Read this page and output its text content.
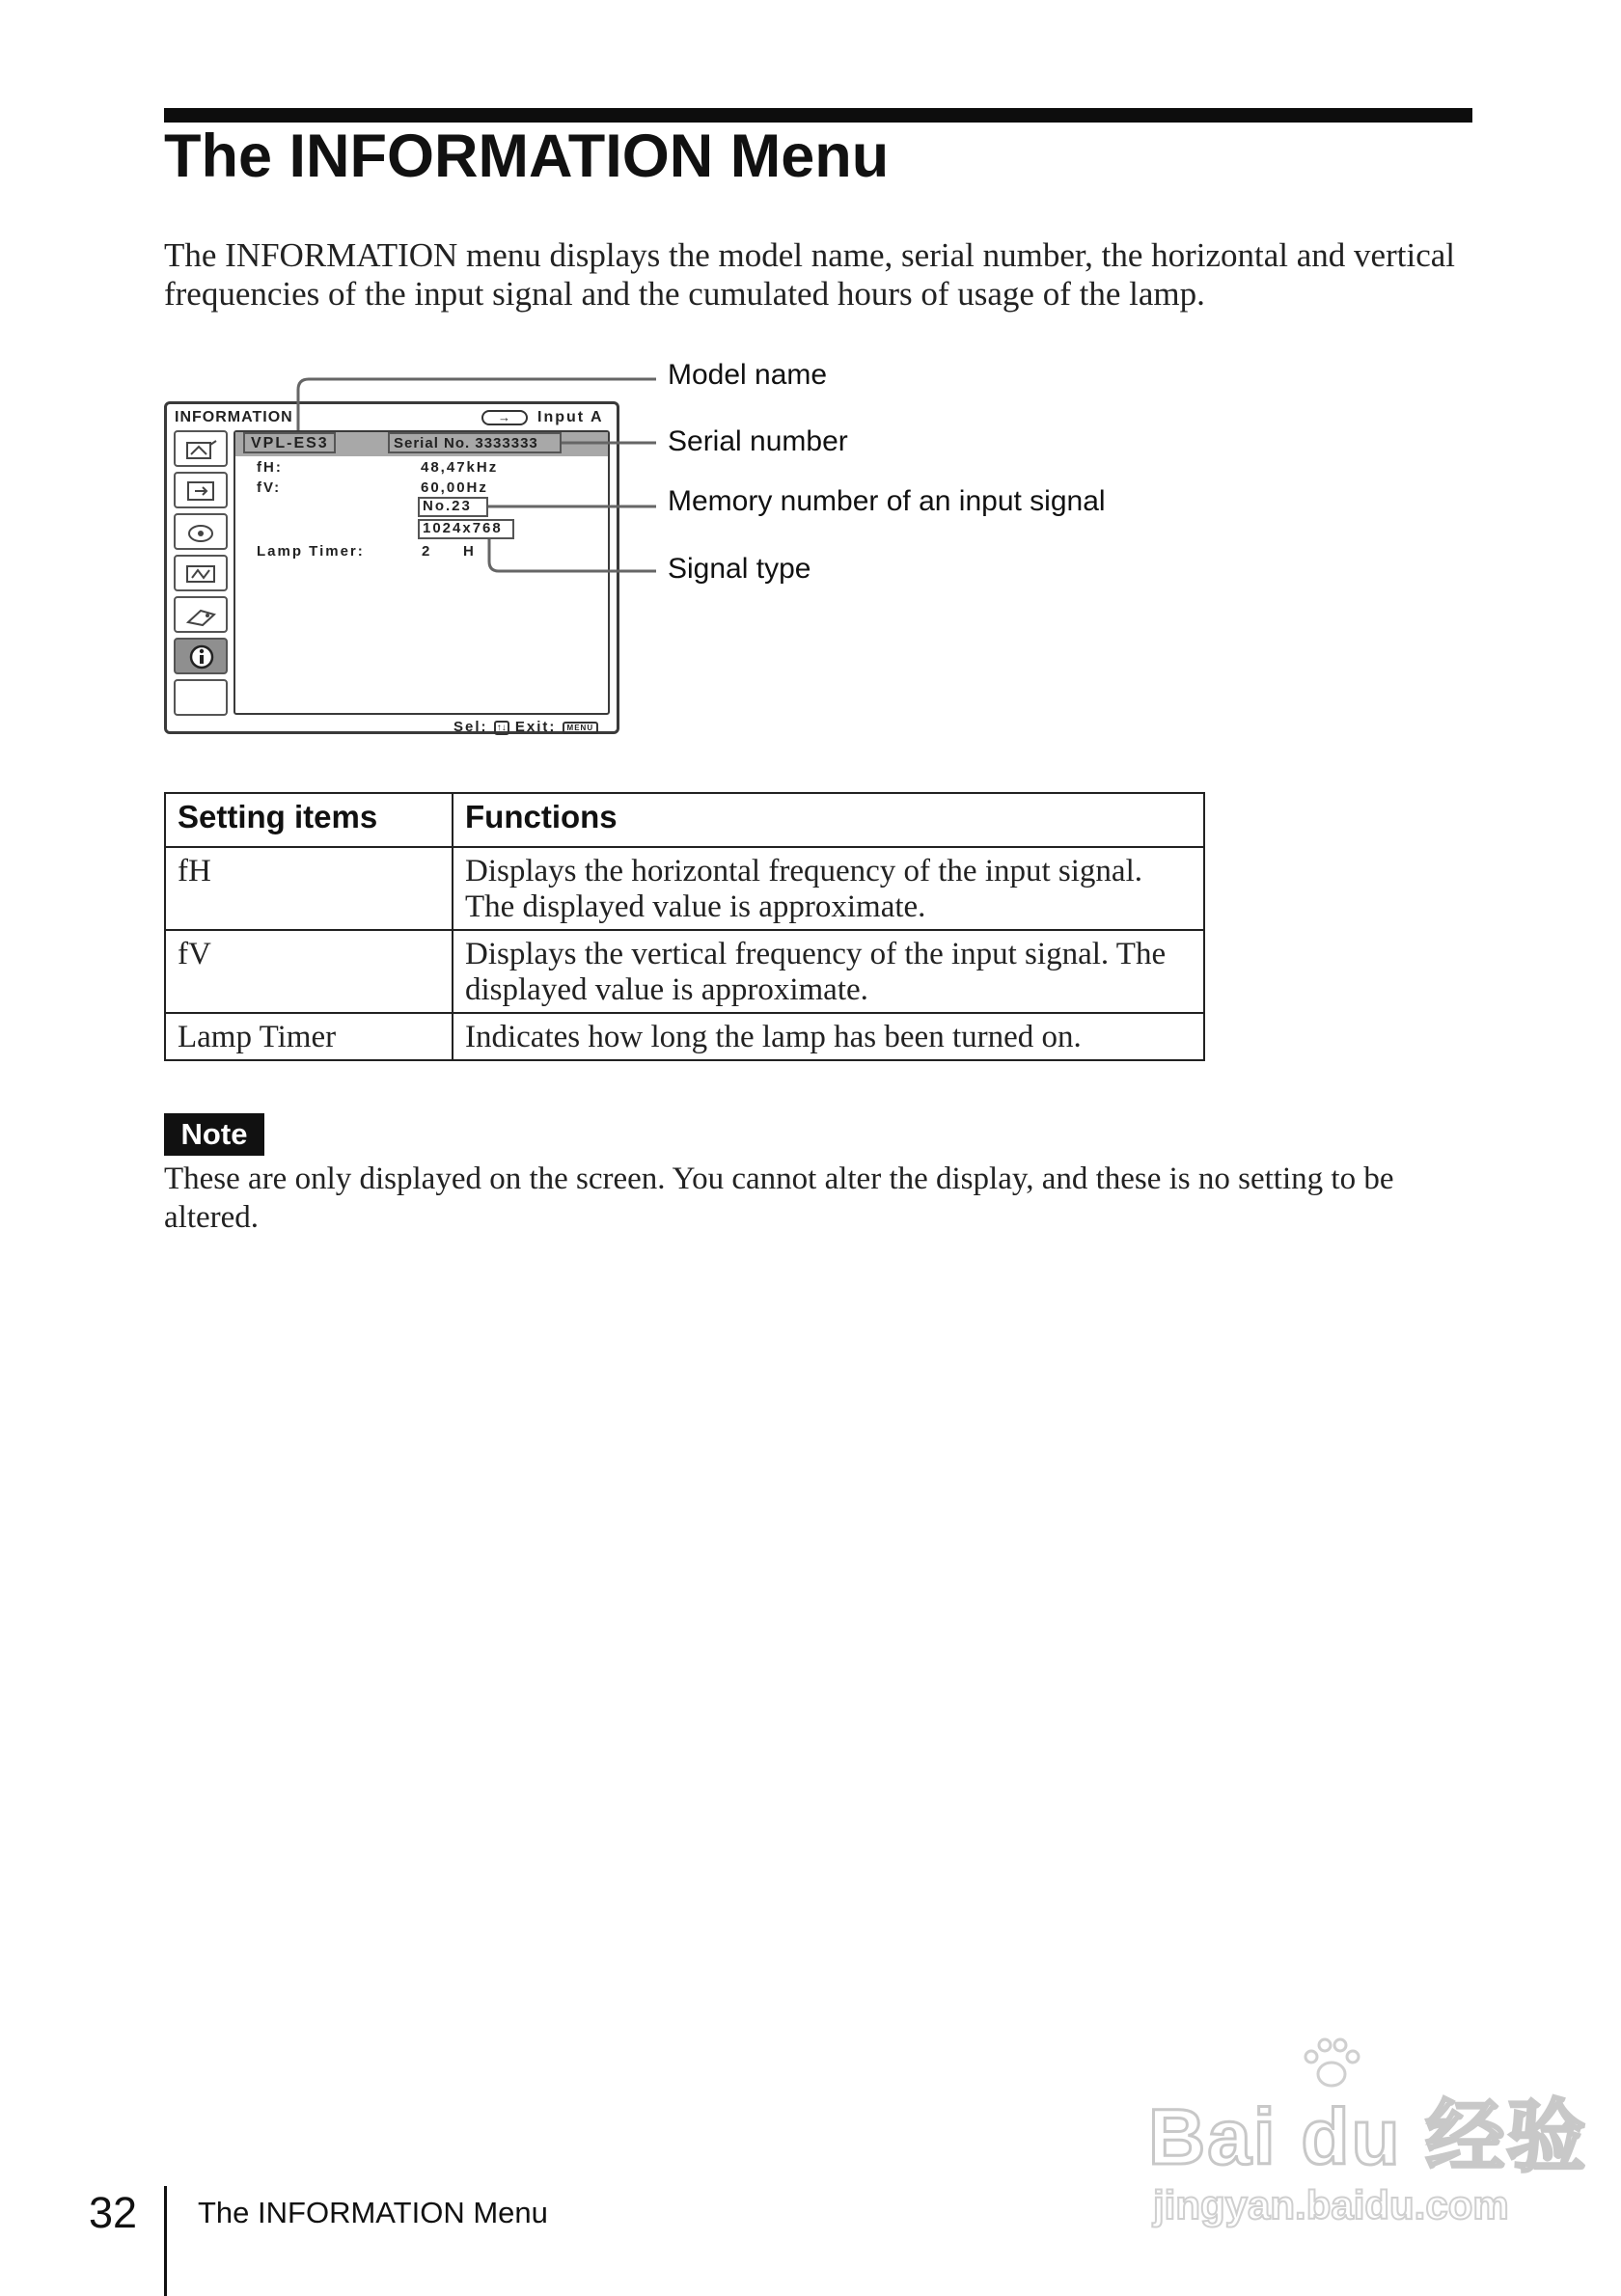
The INFORMATION Menu
The INFORMATION menu displays the model name, serial number, the horizontal and vertical frequencies of the input signal and the cumulated hours of usage of the lamp.
INFORMATION	→ Input A
VPL-ES3	Serial No. 3333333
fH:	48,47kHz
fV:	60,00Hz
No.23
1024x768
Lamp Timer:	2 H
Sel: ↑↓ Exit: MENU
Model name
Serial number
Memory number of an input signal
Signal type
Setting items	Functions
fH	Displays the horizontal frequency of the input signal. The displayed value is approximate.
fV	Displays the vertical frequency of the input signal. The displayed value is approximate.
Lamp Timer	Indicates how long the lamp has been turned on.
Note
These are only displayed on the screen. You cannot alter the display, and these is no setting to be altered.
32 The INFORMATION Menu
Bai du 经验
jingyan.baidu.com
